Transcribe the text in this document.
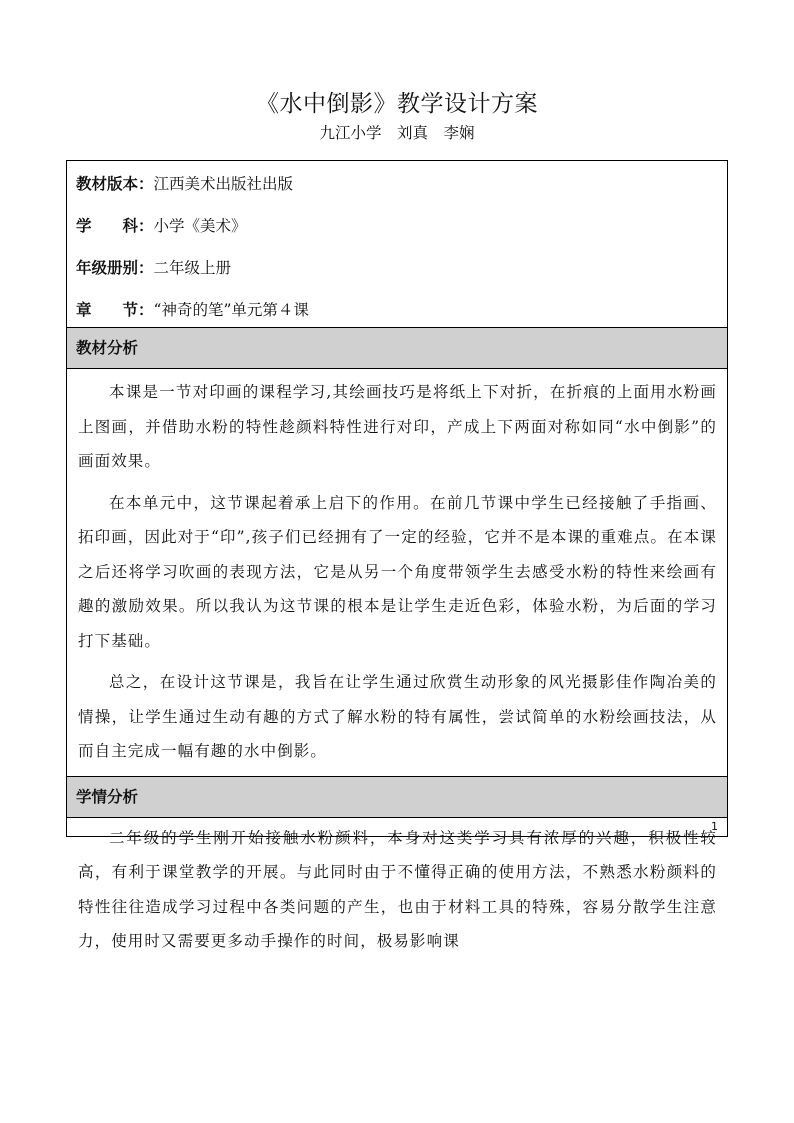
《水中倒影》教学设计方案
九江小学　刘真　李娴
教材版本：江西美术出版社出版
学　　科：小学《美术》
年级册别：二年级上册
章　　节：“神奇的笔”单元第４课
教材分析

本课是一节对印画的课程学习,其绘画技巧是将纸上下对折，在折痕的上面用水粉画上图画，并借助水粉的特性趁颜料特性进行对印，产成上下两面对称如同“水中倒影”的画面效果。

在本单元中，这节课起着承上启下的作用。在前几节课中学生已经接触了手指画、拓印画，因此对于“印”,孩子们已经拥有了一定的经验，它并不是本课的重难点。在本课之后还将学习吹画的表现方法，它是从另一个角度带领学生去感受水粉的特性来绘画有趣的激励效果。所以我认为这节课的根本是让学生走近色彩，体验水粉，为后面的学习打下基础。

总之，在设计这节课是，我旨在让学生通过欣赏生动形象的风光摄影佳作陶冶美的情操，让学生通过生动有趣的方式了解水粉的特有属性，尝试简单的水粉绘画技法，从而自主完成一幅有趣的水中倒影。

学情分析

二年级的学生刚开始接触水粉颜料，本身对这类学习具有浓厚的兴趣，积极性较高，有利于课堂教学的开展。与此同时由于不懂得正确的使用方法，不熟悉水粉颜料的特性往往造成学习过程中各类问题的产生，也由于材料工具的特殊，容易分散学生注意力，使用时又需要更多动手操作的时间，极易影响课

1
